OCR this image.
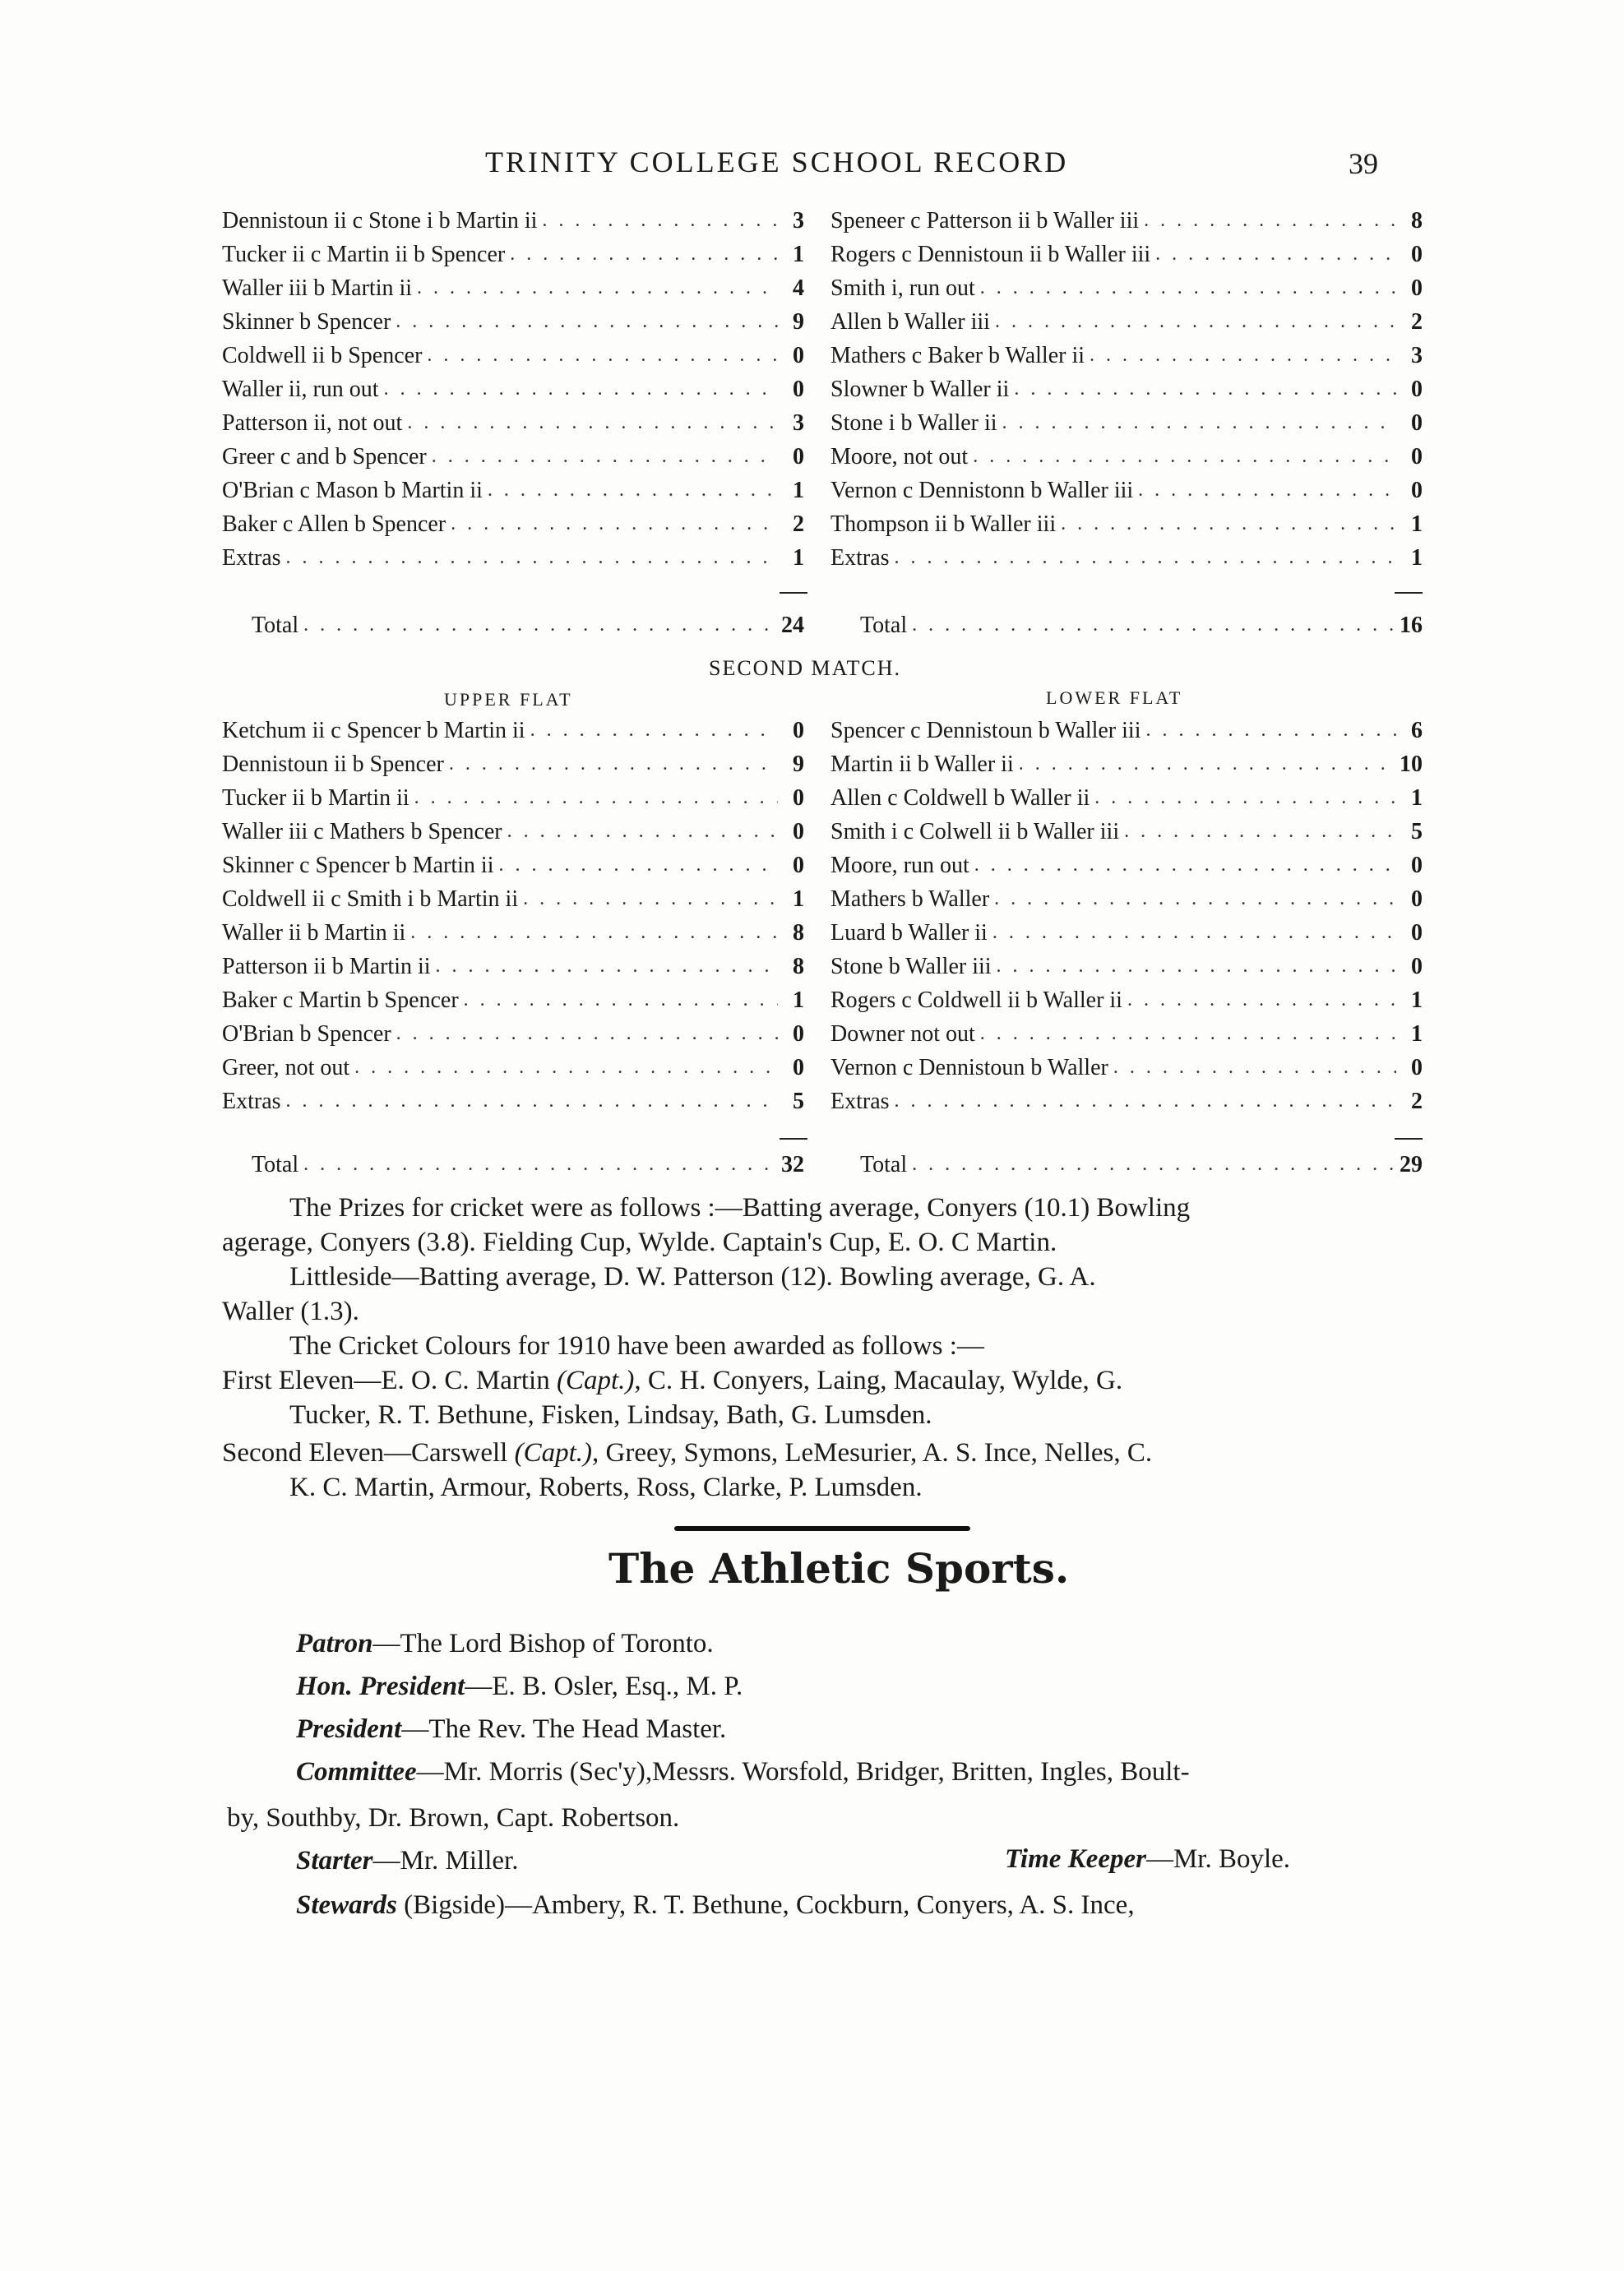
TRINITY COLLEGE SCHOOL RECORD	39
Dennistoun ii c Stone i b Martin ii . . .	3
Tucker ii c Martin ii b Spencer . . .	1
Waller iii b Martin ii . . .	4
Skinner b Spencer . . .	9
Coldwell ii b Spencer . . .	0
Waller ii, run out . . .	0
Patterson ii, not out . . .	3
Greer c and b Spencer . . .	0
O'Brian c Mason b Martin ii . . .	1
Baker c Allen b Spencer . . .	2
Extras . . .	1
Speneer c Patterson ii b Waller iii . . .	8
Rogers c Dennistoun ii b Waller iii . . .	0
Smith i, run out . . .	0
Allen b Waller iii . . .	2
Mathers c Baker b Waller ii . . .	3
Slowner b Waller ii . . .	0
Stone i b Waller ii . . .	0
Moore, not out . . .	0
Vernon c Dennistonn b Waller iii . . .	0
Thompson ii b Waller iii . . .	1
Extras . . .	1
Total . . .	24	Total . . .	16
SECOND MATCH.
UPPER FLAT	LOWER FLAT
Ketchum ii c Spencer b Martin ii . . .	0
Dennistoun ii b Spencer . . .	9
Tucker ii b Martin ii . . .	0
Waller iii c Mathers b Spencer . . .	0
Skinner c Spencer b Martin ii . . .	0
Coldwell ii c Smith i b Martin ii . . .	1
Waller ii b Martin ii . . .	8
Patterson ii b Martin ii . . .	8
Baker c Martin b Spencer . . .	1
O'Brian b Spencer . . .	0
Greer, not out . . .	0
Extras . . .	5
Spencer c Dennistoun b Waller iii . . .	6
Martin ii b Waller ii . . .	10
Allen c Coldwell b Waller ii . . .	1
Smith i c Colwell ii b Waller iii . . .	5
Moore, run out . . .	0
Mathers b Waller . . .	0
Luard b Waller ii . . .	0
Stone b Waller iii . . .	0
Rogers c Coldwell ii b Waller ii . . .	1
Downer not out . . .	1
Vernon c Dennistoun b Waller . . .	0
Extras . . .	2
Total . . .	32	Total . . .	29
The Prizes for cricket were as follows :—Batting average, Conyers (10.1) Bowling
agerage, Conyers (3.8). Fielding Cup, Wylde. Captain's Cup, E. O. C Martin.
Littleside—Batting average, D. W. Patterson (12). Bowling average, G. A.
Waller (1.3).
The Cricket Colours for 1910 have been awarded as follows :—
First Eleven—E. O. C. Martin (Capt.), C. H. Conyers, Laing, Macaulay, Wylde, G.
Tucker, R. T. Bethune, Fisken, Lindsay, Bath, G. Lumsden.
Second Eleven—Carswell (Capt.), Greey, Symons, LeMesurier, A. S. Ince, Nelles, C.
K. C. Martin, Armour, Roberts, Ross, Clarke, P. Lumsden.
The Athletic Sports.
Patron—The Lord Bishop of Toronto.
Hon. President—E. B. Osler, Esq., M. P.
President—The Rev. The Head Master.
Committee—Mr. Morris (Sec'y),Messrs. Worsfold, Bridger, Britten, Ingles, Boult-
by, Southby, Dr. Brown, Capt. Robertson.
Starter—Mr. Miller.	Time Keeper—Mr. Boyle.
Stewards (Bigside)—Ambery, R. T. Bethune, Cockburn, Conyers, A. S. Ince,
